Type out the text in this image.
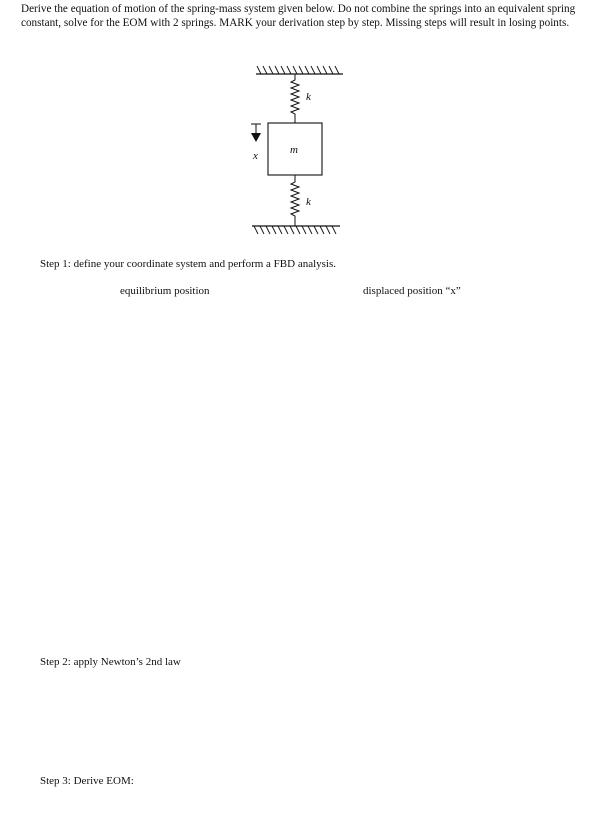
Derive the equation of motion of the spring-mass system given below. Do not combine the springs into an equivalent spring constant, solve for the EOM with 2 springs. MARK your derivation step by step. Missing steps will result in losing points.

k
m
k
x
Step 1: define your coordinate system and perform a FBD analysis.
equilibrium position	displaced position “x”
Step 2: apply Newton’s 2nd law
Step 3: Derive EOM:
